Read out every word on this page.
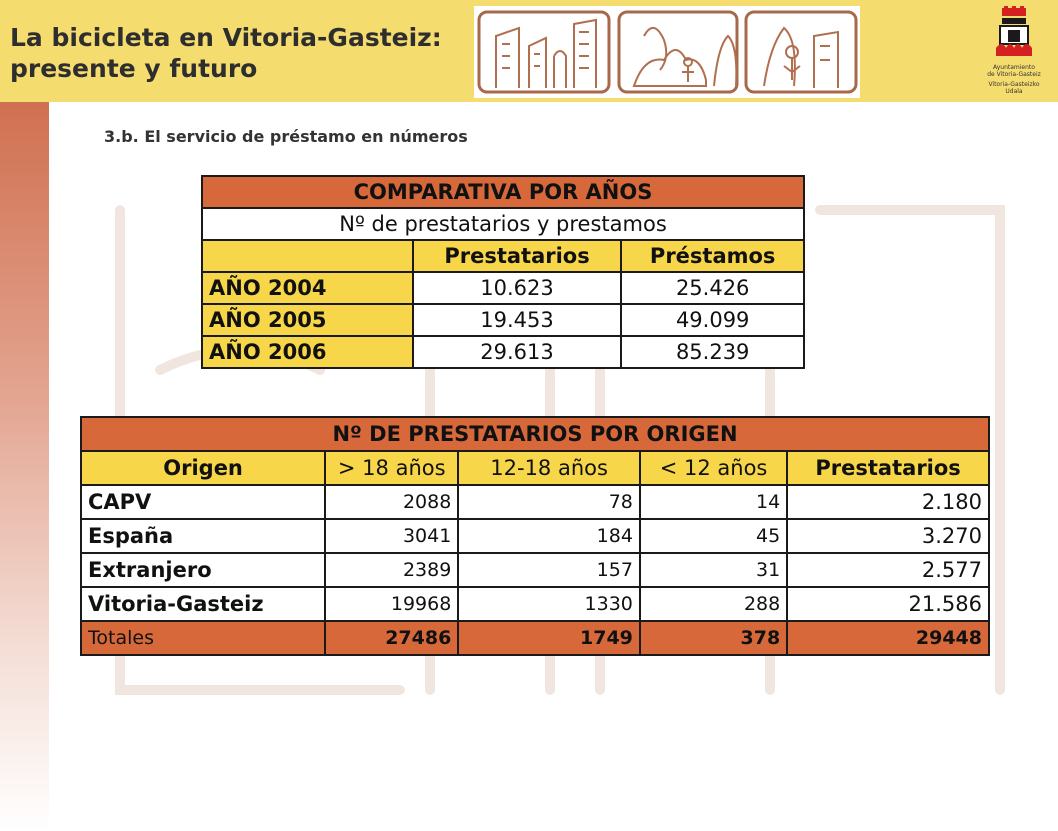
La bicicleta en Vitoria-Gasteiz:
presente y futuro	Ayuntamiento
de Vitoria-Gasteiz
Vitoria-Gasteizko
Udala
3.b. El servicio de préstamo en números
COMPARATIVA POR AÑOS		
Nº de prestatarios y prestamos		
	Prestatarios	Préstamos
AÑO 2004	10.623	25.426
AÑO 2005	19.453	49.099
AÑO 2006	29.613	85.239
Nº DE PRESTATARIOS POR ORIGEN				
Origen	> 18 años	12-18 años	< 12 años	Prestatarios
CAPV	2088	78	14	2.180
España	3041	184	45	3.270
Extranjero	2389	157	31	2.577
Vitoria-Gasteiz	19968	1330	288	21.586
Totales	27486	1749	378	29448
